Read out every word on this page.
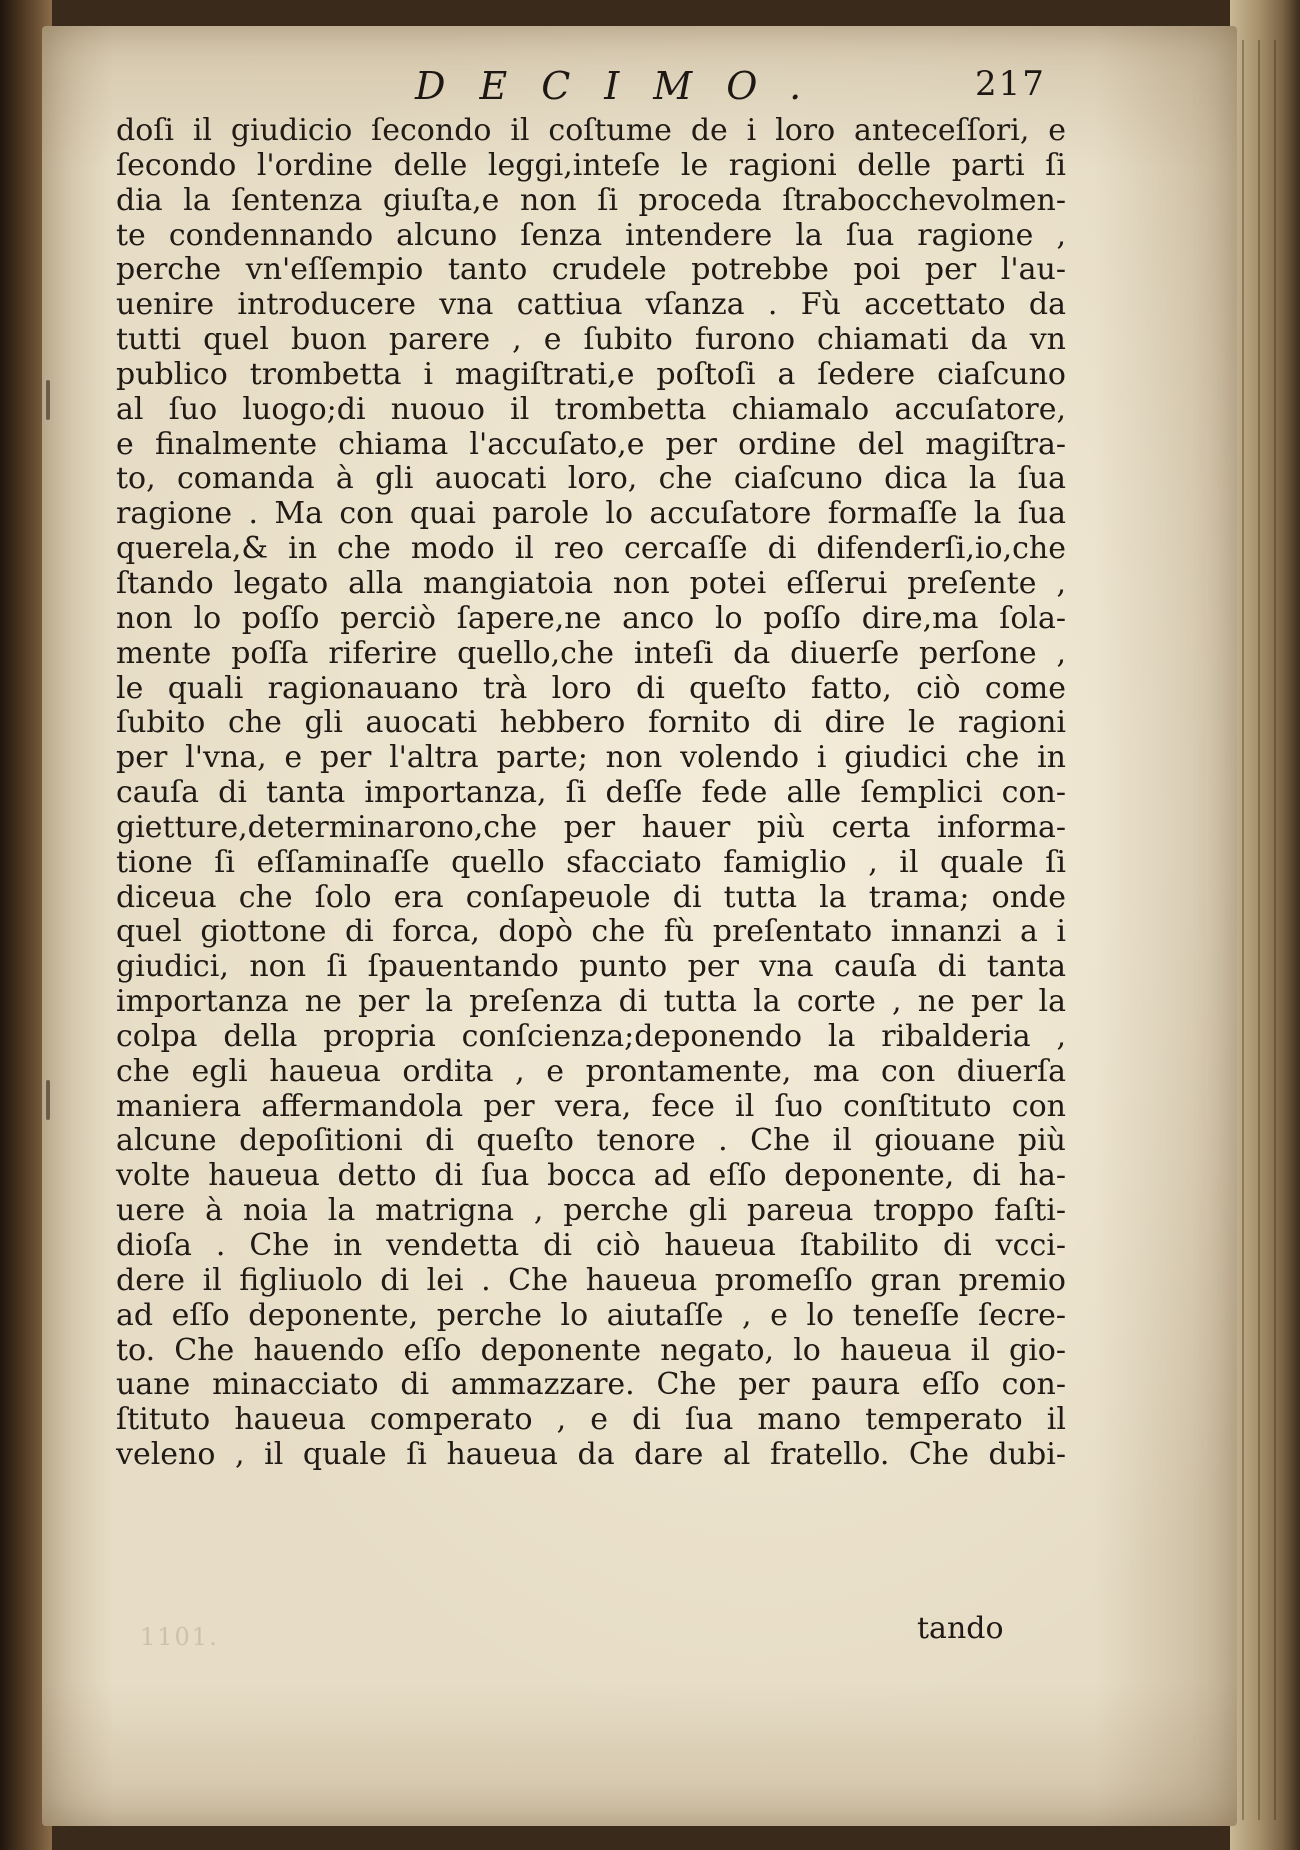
DECIMO.	217
1101.
doſi il giudicio ſecondo il coſtume de i loro anteceſſori, e
ſecondo l'ordine delle leggi,inteſe le ragioni delle parti ſi
dia la ſentenza giuſta,e non ſi proceda ſtrabocchevolmen-
te condennando alcuno ſenza intendere la ſua ragione ,
perche vn'eſſempio tanto crudele potrebbe poi per l'au-
uenire introducere vna cattiua vſanza . Fù accettato da
tutti quel buon parere , e ſubito furono chiamati da vn
publico trombetta i magiſtrati,e poſtoſi a ſedere ciaſcuno
al ſuo luogo;di nuouo il trombetta chiamalo accuſatore,
e finalmente chiama l'accuſato,e per ordine del magiſtra-
to, comanda à gli auocati loro, che ciaſcuno dica la ſua
ragione . Ma con quai parole lo accuſatore formaſſe la ſua
querela,& in che modo il reo cercaſſe di difenderſi,io,che
ſtando legato alla mangiatoia non potei eſſerui preſente ,
non lo poſſo perciò ſapere,ne anco lo poſſo dire,ma ſola-
mente poſſa riferire quello,che inteſi da diuerſe perſone ,
le quali ragionauano trà loro di queſto fatto, ciò come
ſubito che gli auocati hebbero fornito di dire le ragioni
per l'vna, e per l'altra parte; non volendo i giudici che in
cauſa di tanta importanza, ſi deſſe fede alle ſemplici con-
gietture,determinarono,che per hauer più certa informa-
tione ſi eſſaminaſſe quello sfacciato famiglio , il quale ſi
diceua che ſolo era conſapeuole di tutta la trama; onde
quel giottone di forca, dopò che fù preſentato innanzi a i
giudici, non ſi ſpauentando punto per vna cauſa di tanta
importanza ne per la preſenza di tutta la corte , ne per la
colpa della propria conſcienza;deponendo la ribalderia ,
che egli haueua ordita , e prontamente, ma con diuerſa
maniera affermandola per vera, fece il ſuo conſtituto con
alcune depoſitioni di queſto tenore . Che il giouane più
volte haueua detto di ſua bocca ad eſſo deponente, di ha-
uere à noia la matrigna , perche gli pareua troppo faſti-
dioſa . Che in vendetta di ciò haueua ſtabilito di vcci-
dere il figliuolo di lei . Che haueua promeſſo gran premio
ad eſſo deponente, perche lo aiutaſſe , e lo teneſſe ſecre-
to. Che hauendo eſſo deponente negato, lo haueua il gio-
uane minacciato di ammazzare. Che per paura eſſo con-
ſtituto haueua comperato , e di ſua mano temperato il
veleno , il quale ſi haueua da dare al fratello. Che dubi-
tando
